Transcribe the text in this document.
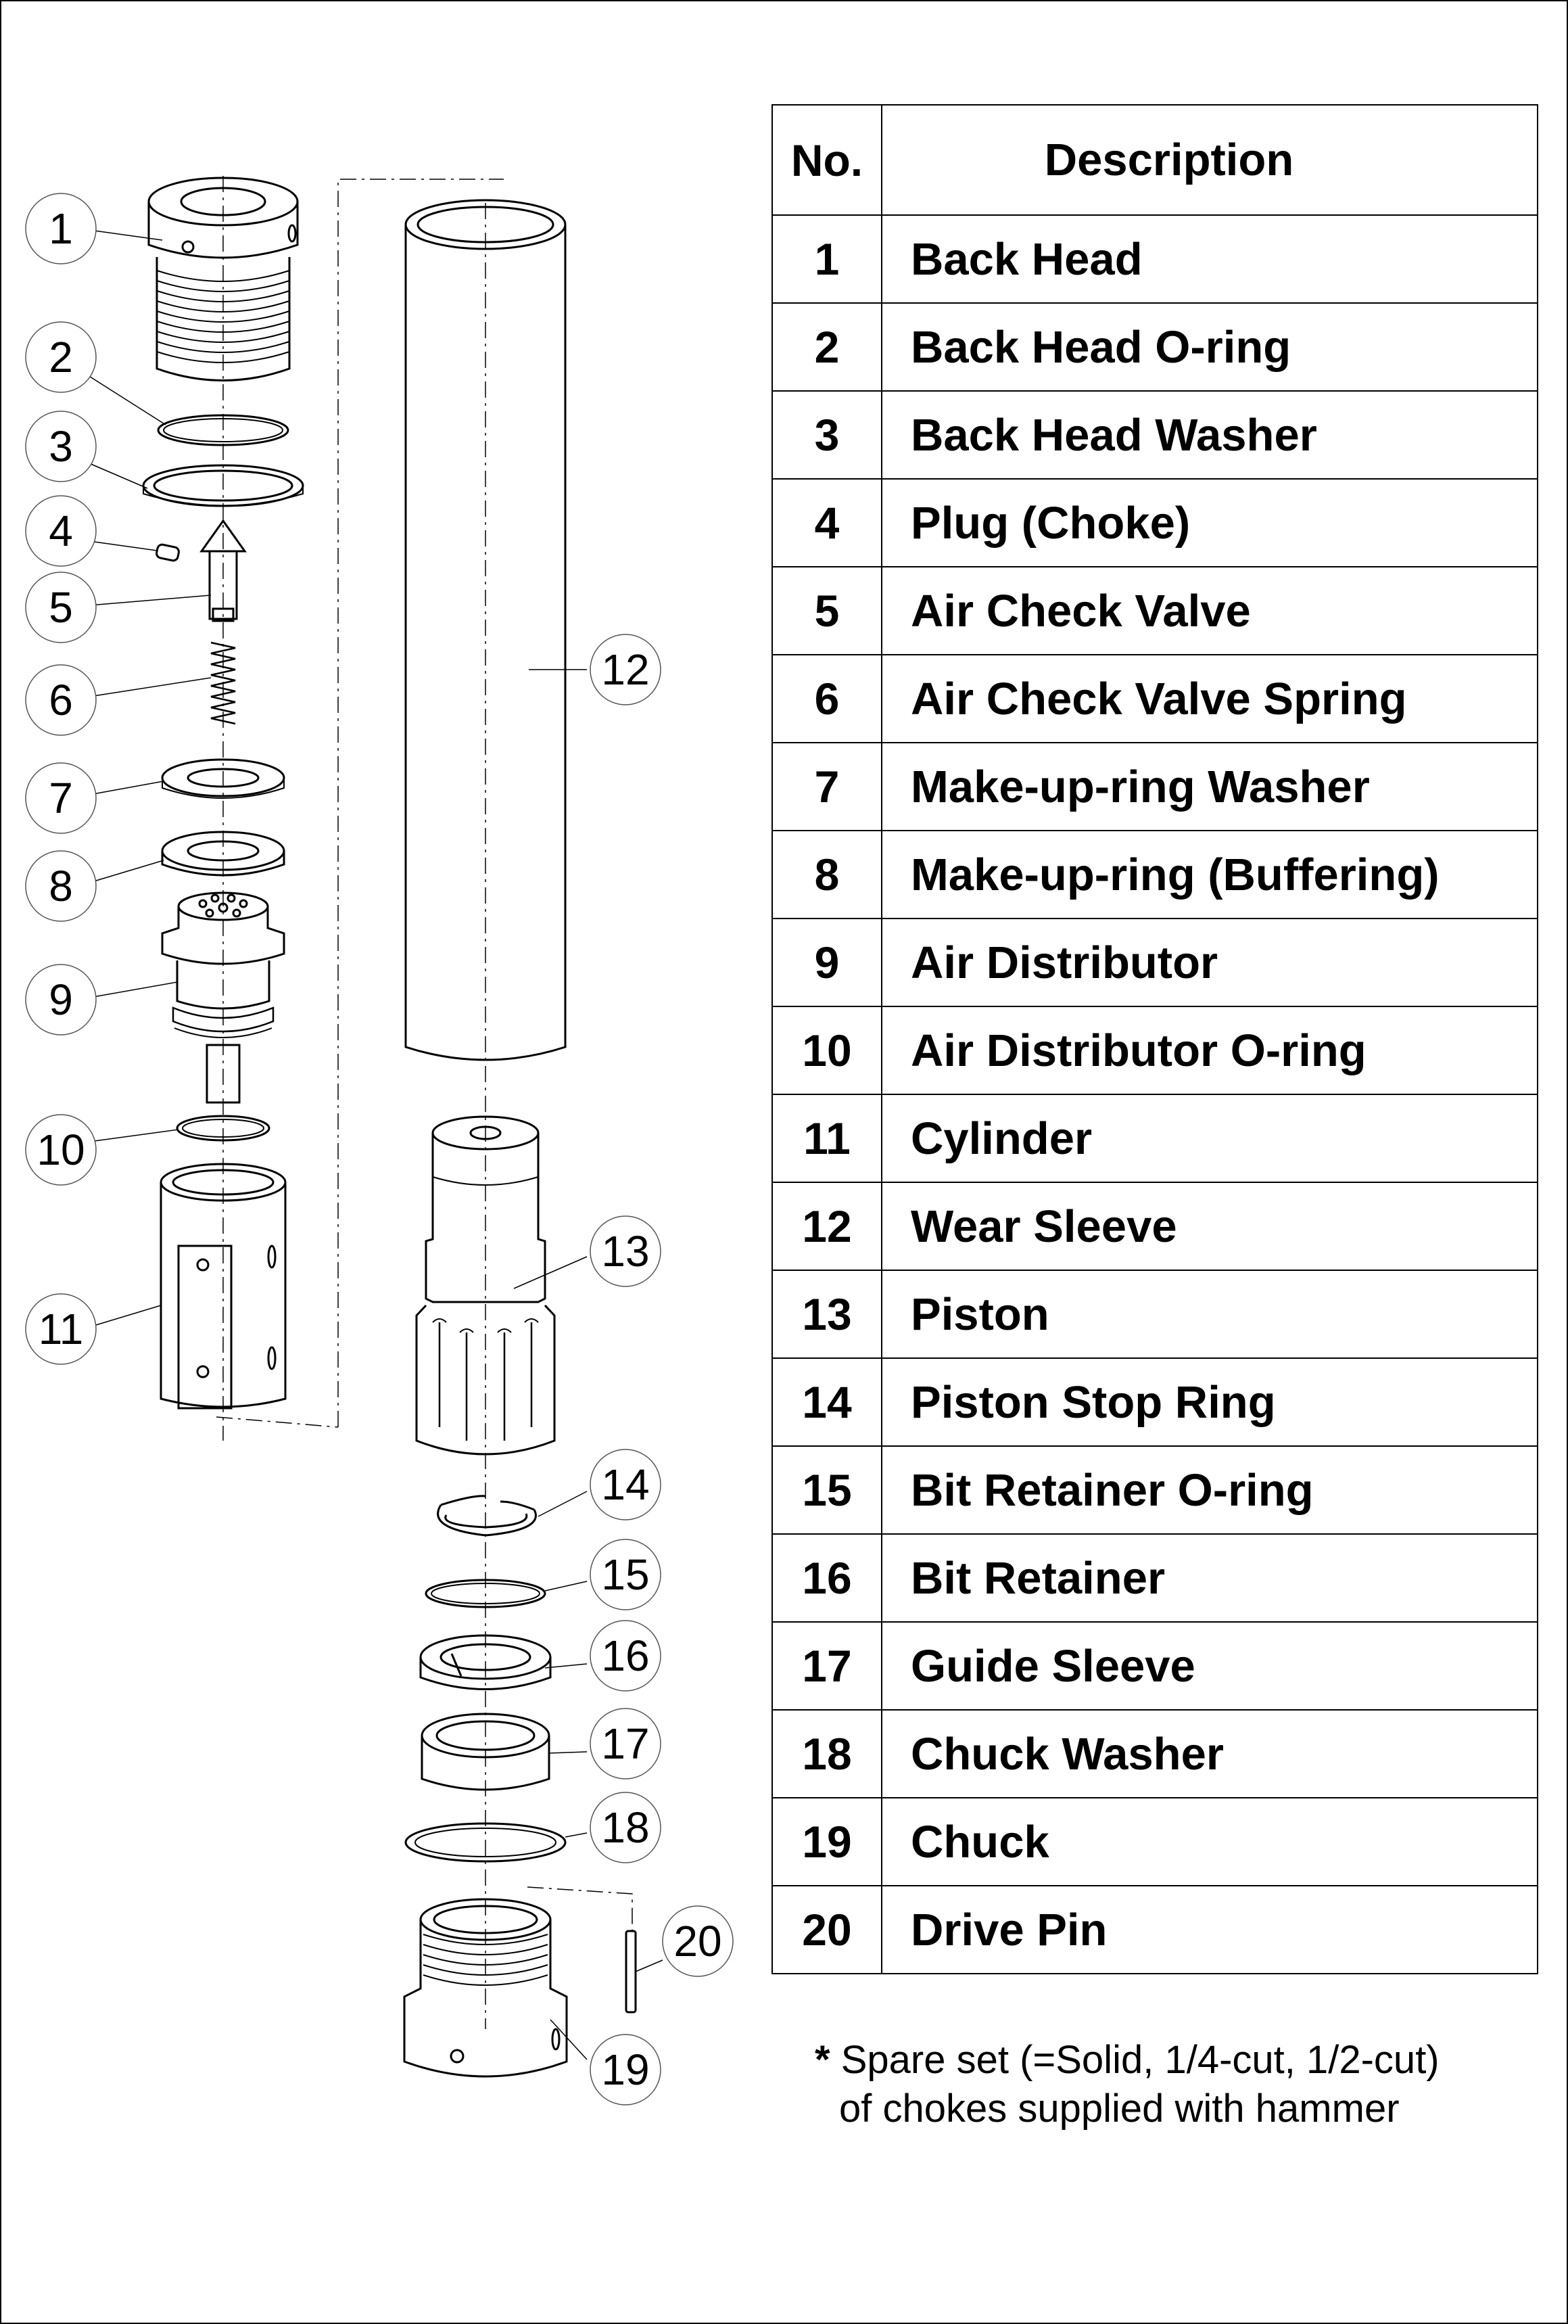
1
2
3
4
5
6
7
8
9
10
11
12
13
14
15
16
17
18
19
20
No.	Description
1	Back Head
2	Back Head O-ring
3	Back Head Washer
4	Plug (Choke)
5	Air Check Valve
6	Air Check Valve Spring
7	Make-up-ring Washer
8	Make-up-ring (Buffering)
9	Air Distributor
10	Air Distributor O-ring
11	Cylinder
12	Wear Sleeve
13	Piston
14	Piston Stop Ring
15	Bit Retainer O-ring
16	Bit Retainer
17	Guide Sleeve
18	Chuck Washer
19	Chuck
20	Drive Pin
* Spare set (=Solid, 1/4-cut, 1/2-cut)
of chokes supplied with hammer
